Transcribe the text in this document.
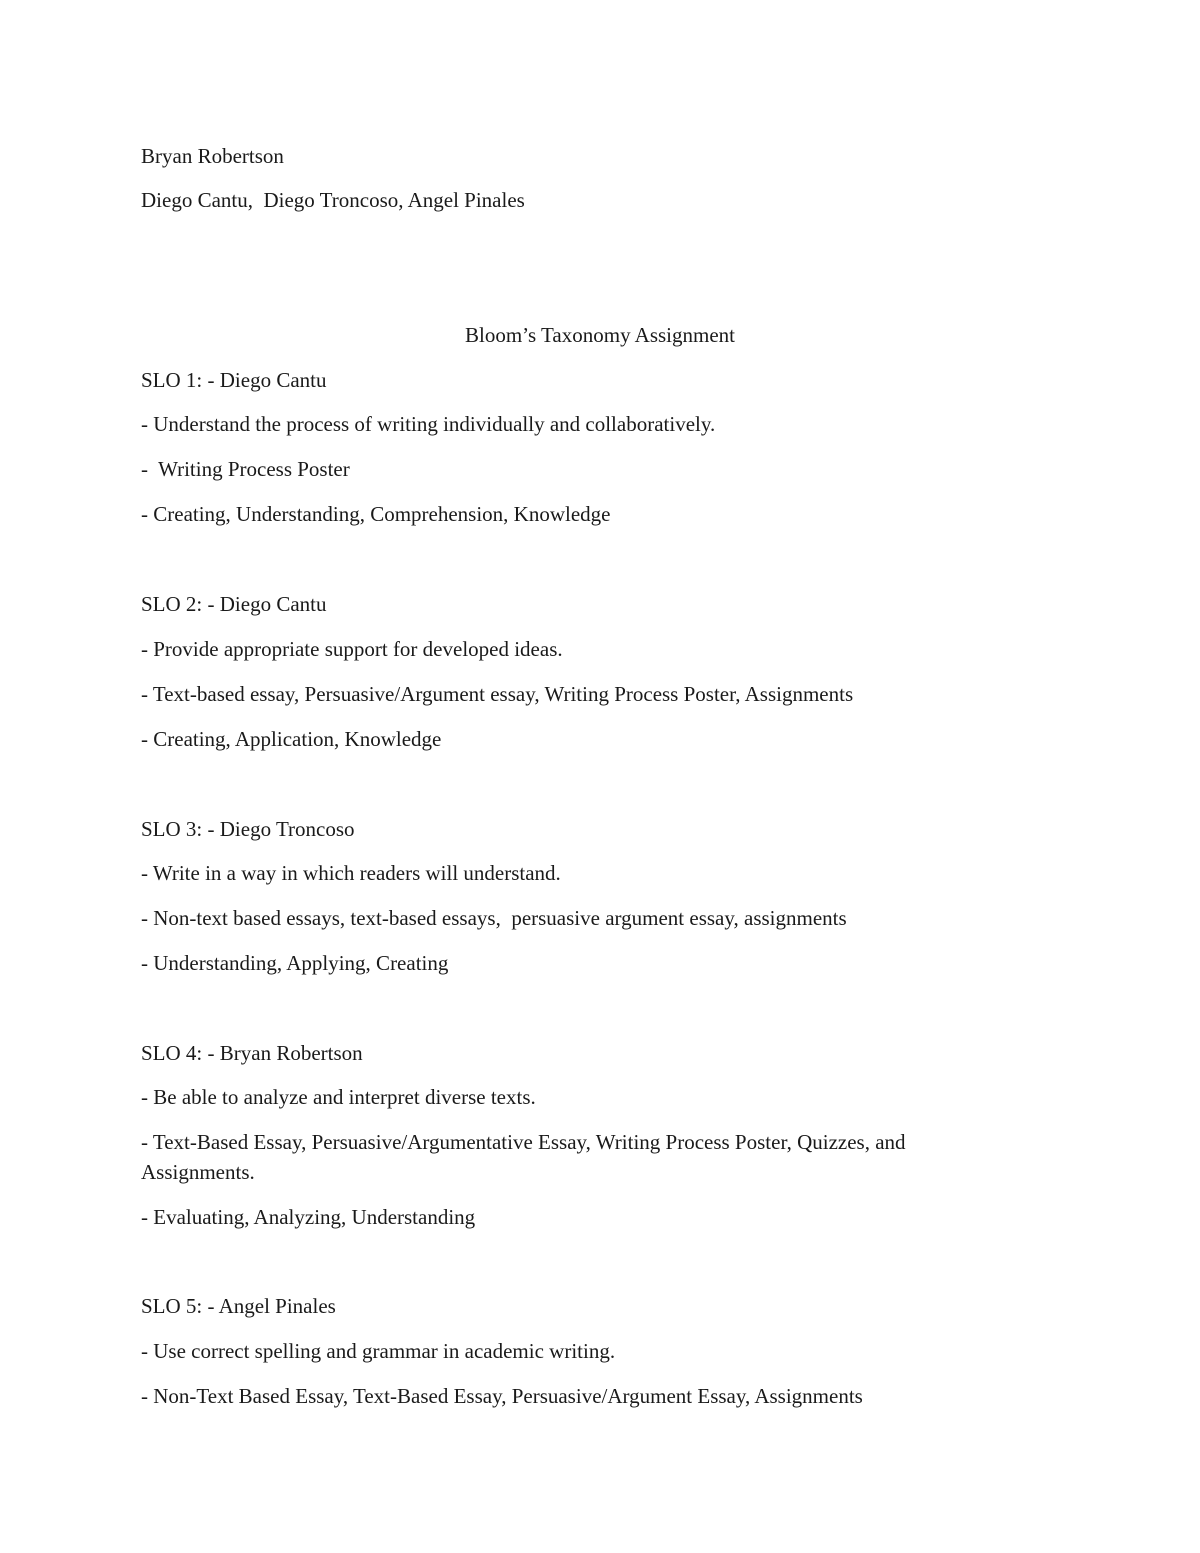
Bryan Robertson
Diego Cantu,  Diego Troncoso, Angel Pinales
Bloom’s Taxonomy Assignment
SLO 1: - Diego Cantu
- Understand the process of writing individually and collaboratively.
-  Writing Process Poster
- Creating, Understanding, Comprehension, Knowledge
SLO 2: - Diego Cantu
- Provide appropriate support for developed ideas.
- Text-based essay, Persuasive/Argument essay, Writing Process Poster, Assignments
- Creating, Application, Knowledge
SLO 3: - Diego Troncoso
- Write in a way in which readers will understand.
- Non-text based essays, text-based essays,  persuasive argument essay, assignments
- Understanding, Applying, Creating
SLO 4: - Bryan Robertson
- Be able to analyze and interpret diverse texts.
- Text-Based Essay, Persuasive/Argumentative Essay, Writing Process Poster, Quizzes, and Assignments.
- Evaluating, Analyzing, Understanding
SLO 5: - Angel Pinales
- Use correct spelling and grammar in academic writing.
- Non-Text Based Essay, Text-Based Essay, Persuasive/Argument Essay, Assignments
